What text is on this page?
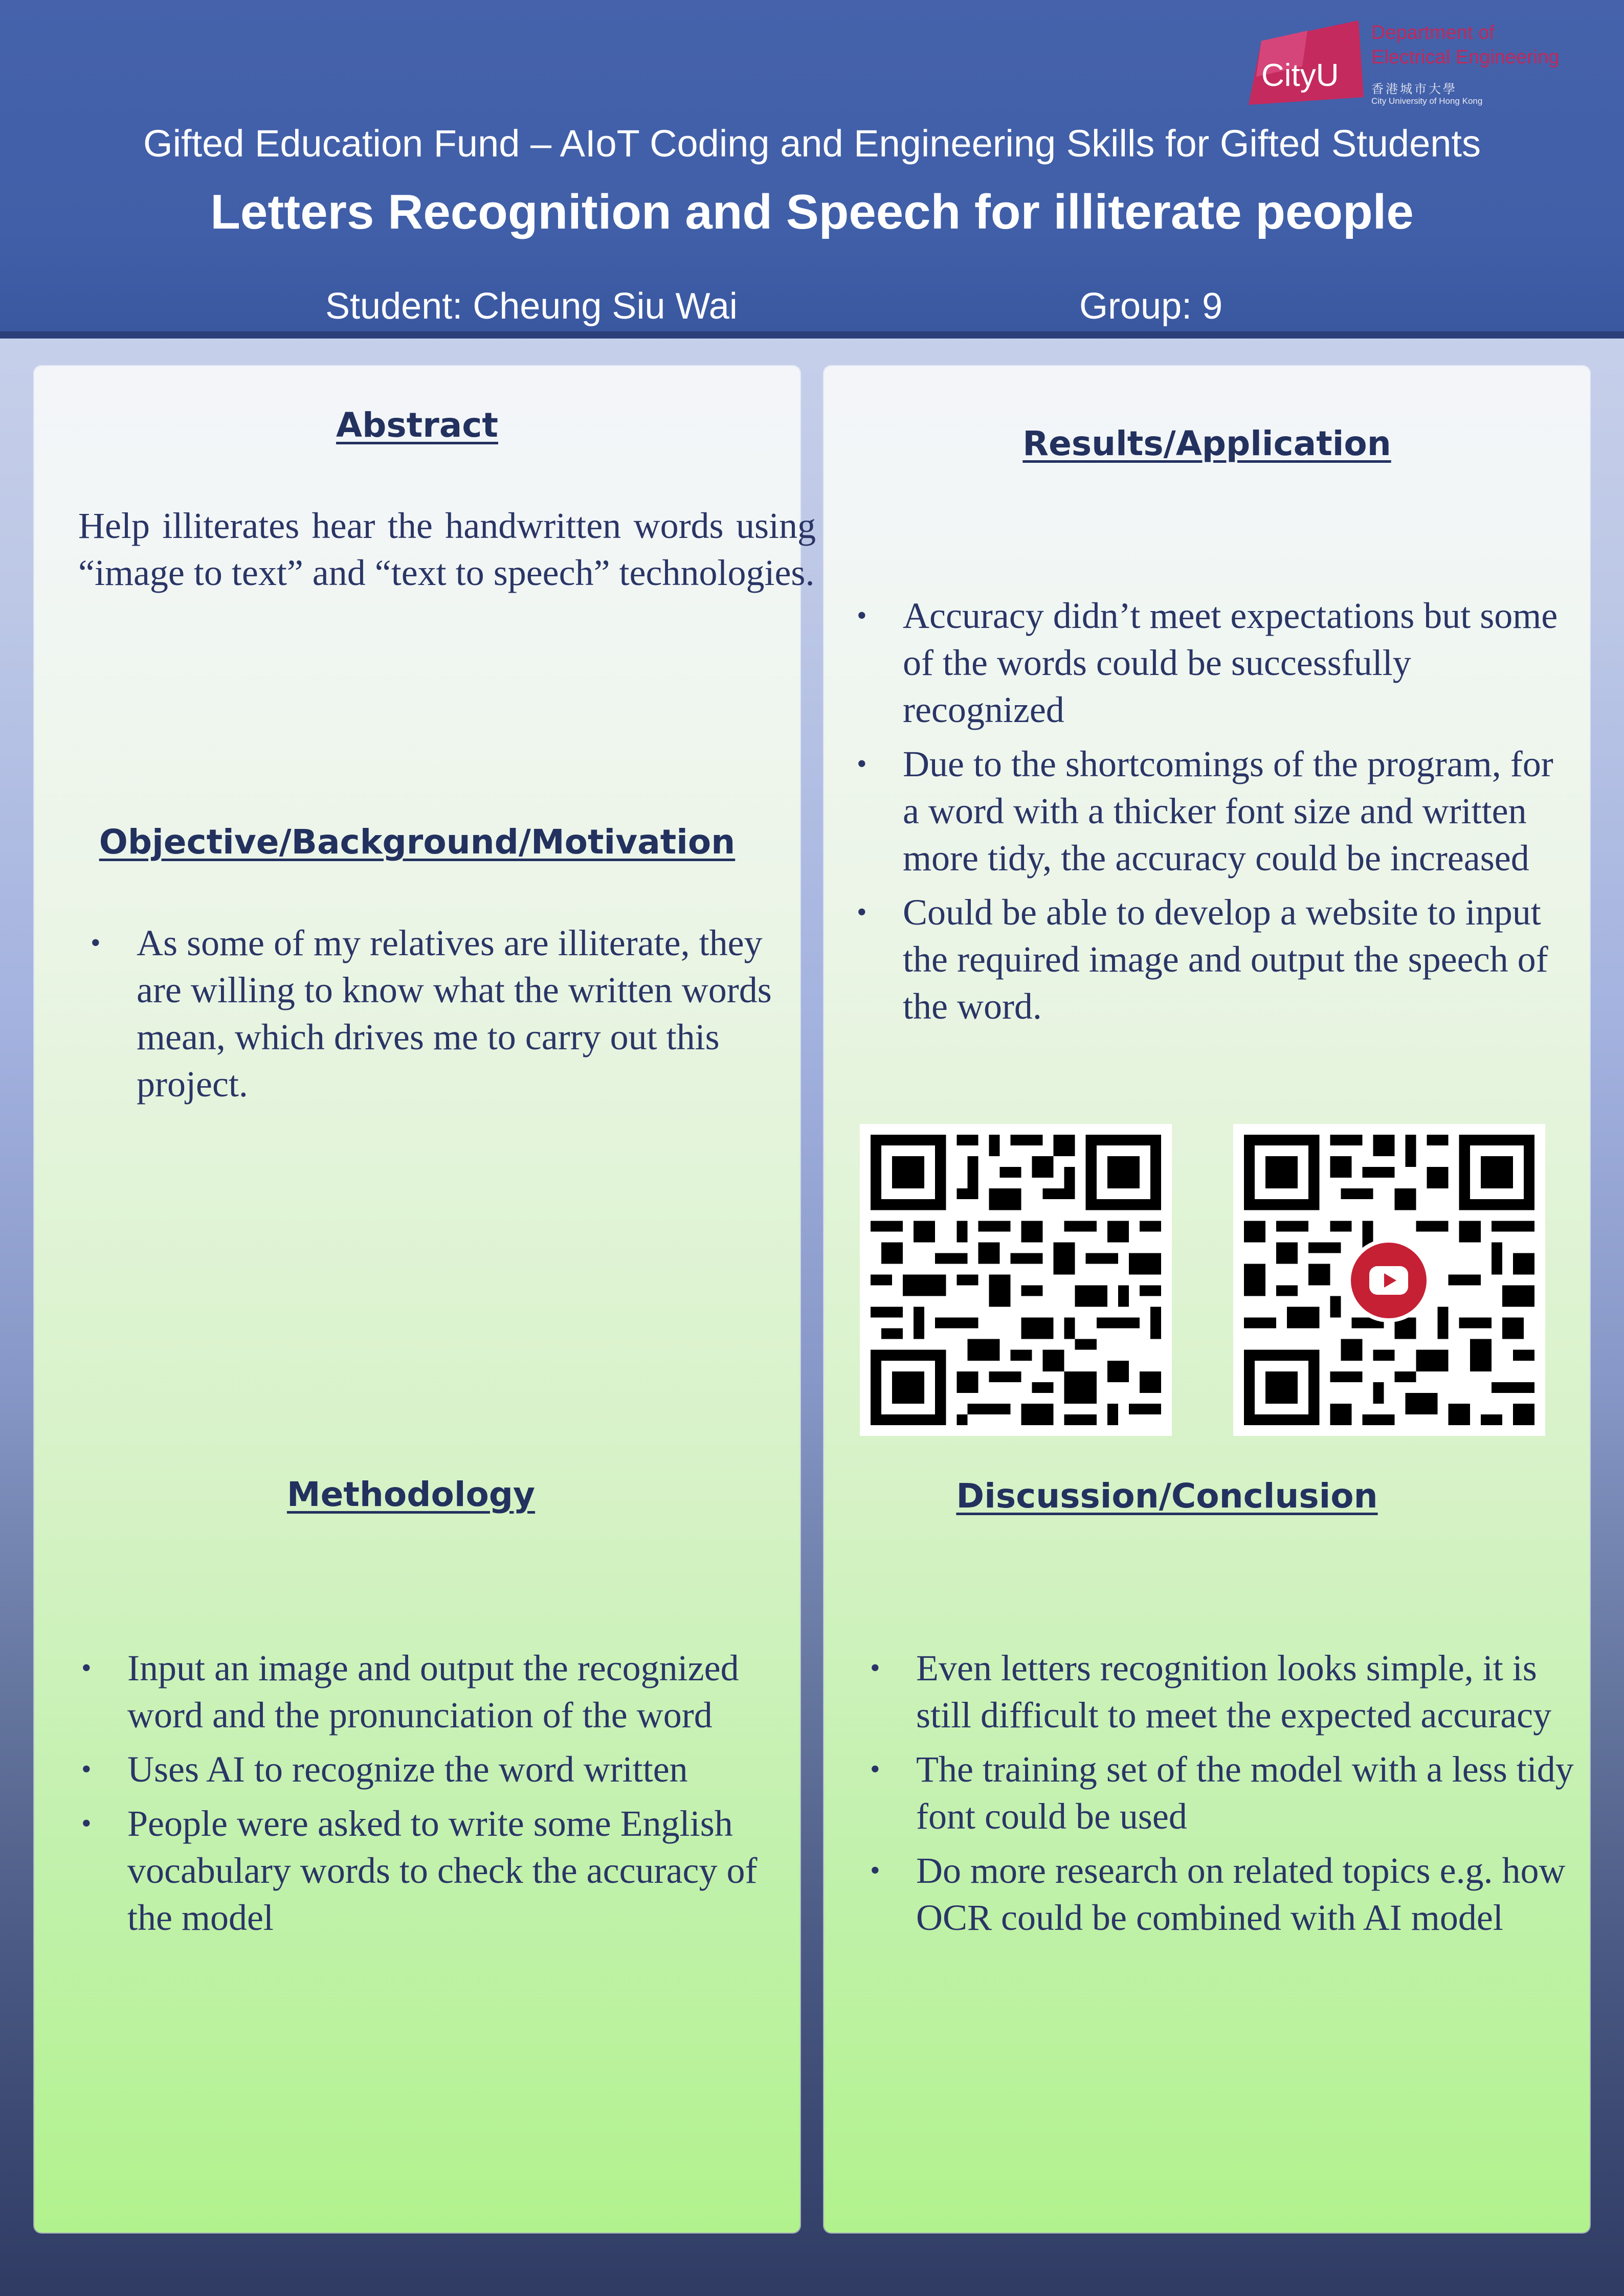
CityU
Department of
Electrical Engineering
香港城市大學
City University of Hong Kong
Gifted Education Fund – AIoT Coding and Engineering Skills for Gifted Students
Letters Recognition and Speech for illiterate people
Student: Cheung Siu Wai	Group: 9
Abstract
Help illiterates hear the handwritten words using “image to text” and “text to speech” technologies.
Objective/Background/Motivation
• As some of my relatives are illiterate, they are willing to know what the written words mean, which drives me to carry out this project.
Methodology
• Input an image and output the recognized word and the pronunciation of the word
• Uses AI to recognize the word written
• People were asked to write some English vocabulary words to check the accuracy of the model
Results/Application
• Accuracy didn’t meet expectations but some of the words could be successfully recognized
• Due to the shortcomings of the program, for a word with a thicker font size and written more tidy, the accuracy could be increased
• Could be able to develop a website to input the required image and output the speech of the word.
Discussion/Conclusion
• Even letters recognition looks simple, it is still difficult to meet the expected accuracy
• The training set of the model with a less tidy font could be used
• Do more research on related topics e.g. how OCR could be combined with AI model
